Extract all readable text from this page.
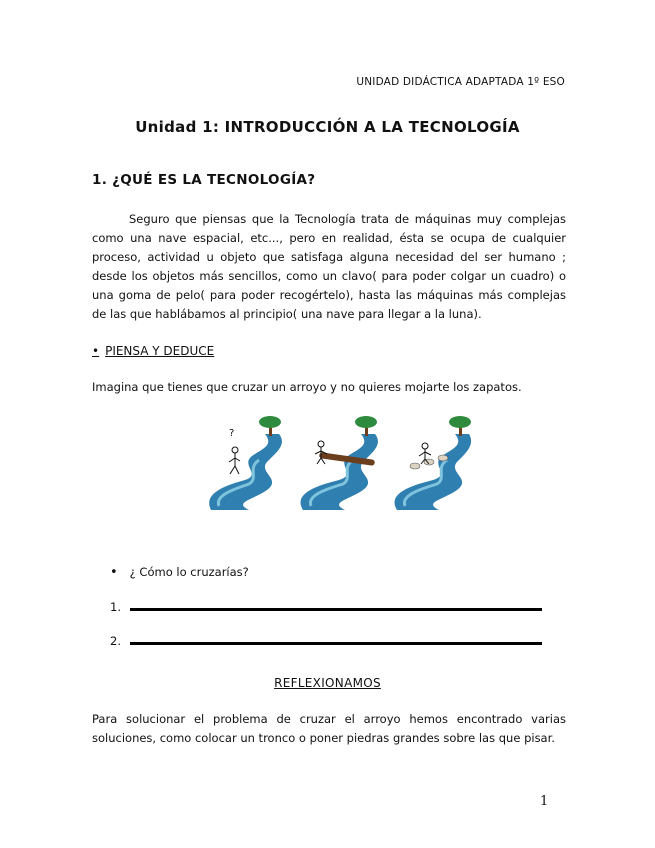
UNIDAD DIDÁCTICA ADAPTADA 1º ESO
Unidad 1: INTRODUCCIÓN A LA TECNOLOGÍA
1. ¿QUÉ ES LA TECNOLOGÍA?
Seguro que piensas que la Tecnología trata de máquinas muy complejas como una nave espacial, etc..., pero en realidad, ésta se ocupa de cualquier proceso, actividad u objeto que satisfaga alguna necesidad del ser humano ; desde los objetos más sencillos, como un clavo( para poder colgar un cuadro) o una goma de pelo( para poder recogértelo), hasta las máquinas más complejas de las que hablábamos al principio( una nave para llegar a la luna).
• PIENSA Y DEDUCE
Imagina que tienes que cruzar un arroyo y no quieres mojarte los zapatos.
?
• ¿ Cómo lo cruzarías?
1.
2.
REFLEXIONAMOS
Para solucionar el problema de cruzar el arroyo hemos encontrado varias soluciones, como colocar un tronco o poner piedras grandes sobre las que pisar.
1
